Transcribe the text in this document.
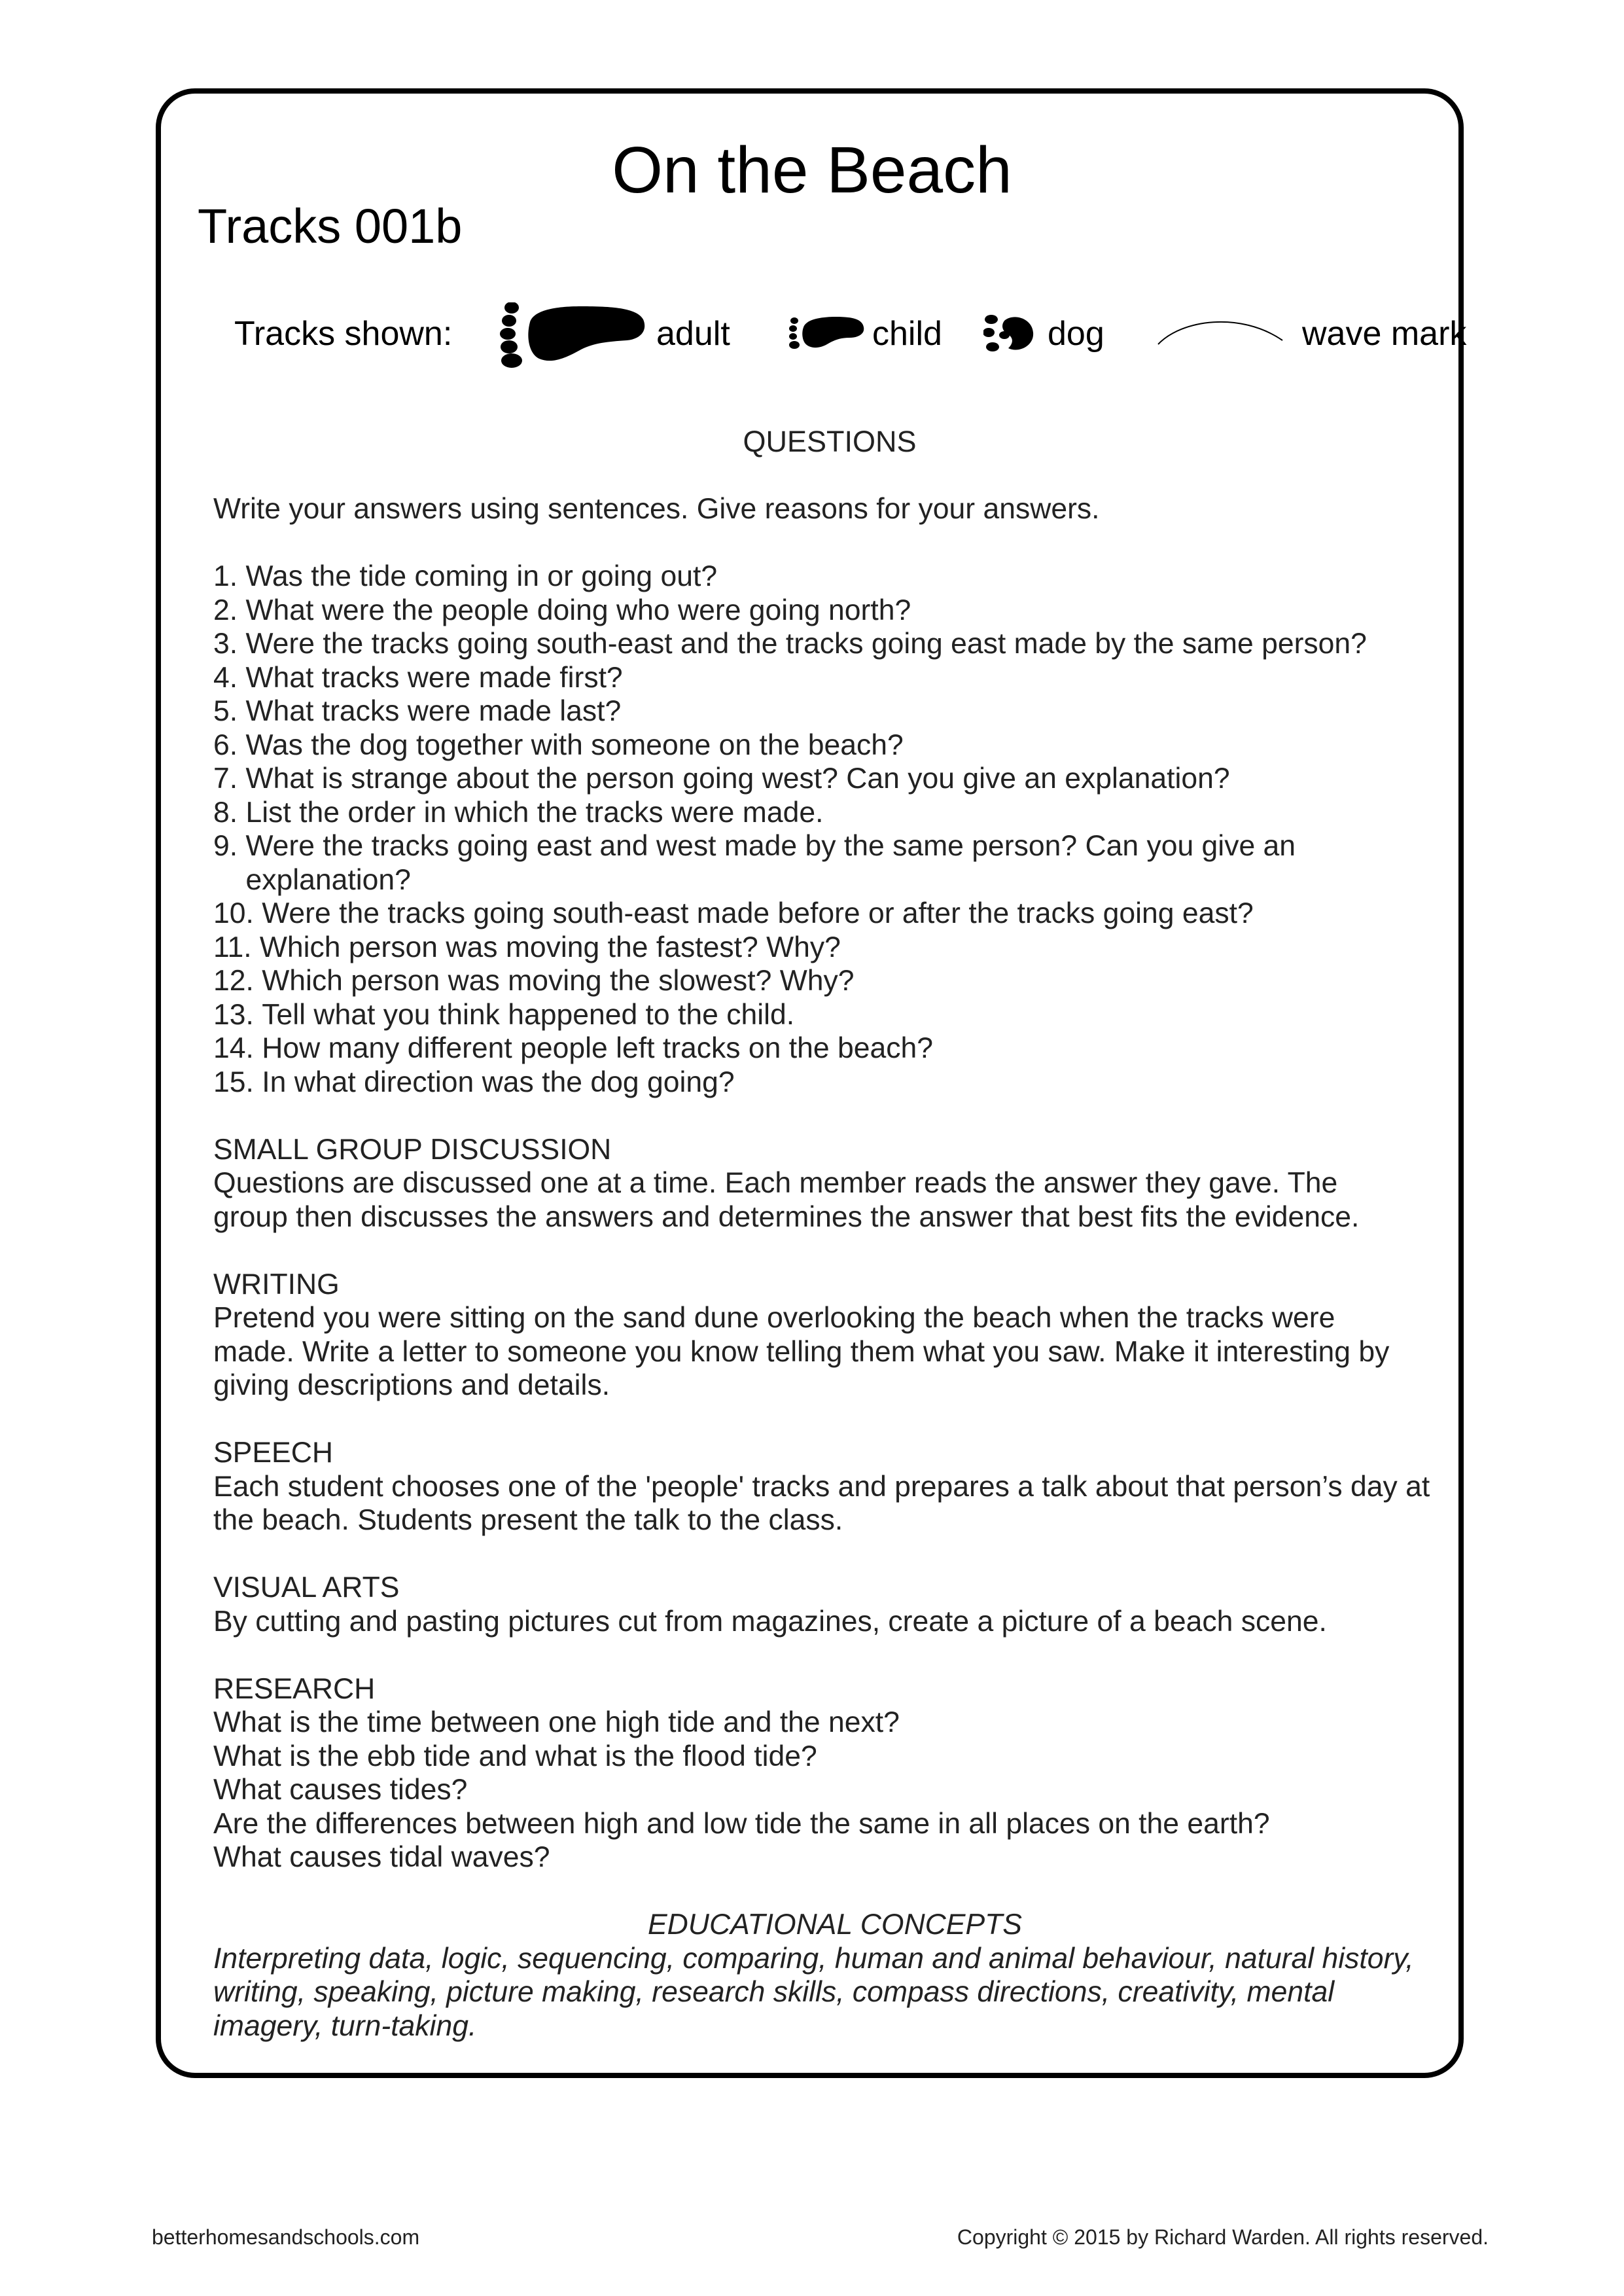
On the Beach
Tracks 001b
Tracks shown:	adult	child	dog	wave mark
QUESTIONS

Write your answers using sentences. Give reasons for your answers.

1. Was the tide coming in or going out?
2. What were the people doing who were going north?
3. Were the tracks going south-east and the tracks going east made by the same person?
4. What tracks were made first?
5. What tracks were made last?
6. Was the dog together with someone on the beach?
7. What is strange about the person going west? Can you give an explanation?
8. List the order in which the tracks were made.
9. Were the tracks going east and west made by the same person? Can you give an explanation?
10. Were the tracks going south-east made before or after the tracks going east?
11. Which person was moving the fastest? Why?
12. Which person was moving the slowest? Why?
13. Tell what you think happened to the child.
14. How many different people left tracks on the beach?
15. In what direction was the dog going?

SMALL GROUP DISCUSSION

Questions are discussed one at a time. Each member reads the answer they gave. The group then discusses the answers and determines the answer that best fits the evidence.

WRITING

Pretend you were sitting on the sand dune overlooking the beach when the tracks were made. Write a letter to someone you know telling them what you saw. Make it interesting by giving descriptions and details.

SPEECH

Each student chooses one of the 'people' tracks and prepares a talk about that person’s day at the beach. Students present the talk to the class.

VISUAL ARTS

By cutting and pasting pictures cut from magazines, create a picture of a beach scene.

RESEARCH

What is the time between one high tide and the next?

What is the ebb tide and what is the flood tide?

What causes tides?

Are the differences between high and low tide the same in all places on the earth?

What causes tidal waves?

EDUCATIONAL CONCEPTS

Interpreting data, logic, sequencing, comparing, human and animal behaviour, natural history, writing, speaking, picture making, research skills, compass directions, creativity, mental imagery, turn-taking.

betterhomesandschools.com	Copyright © 2015 by Richard Warden. All rights reserved.
